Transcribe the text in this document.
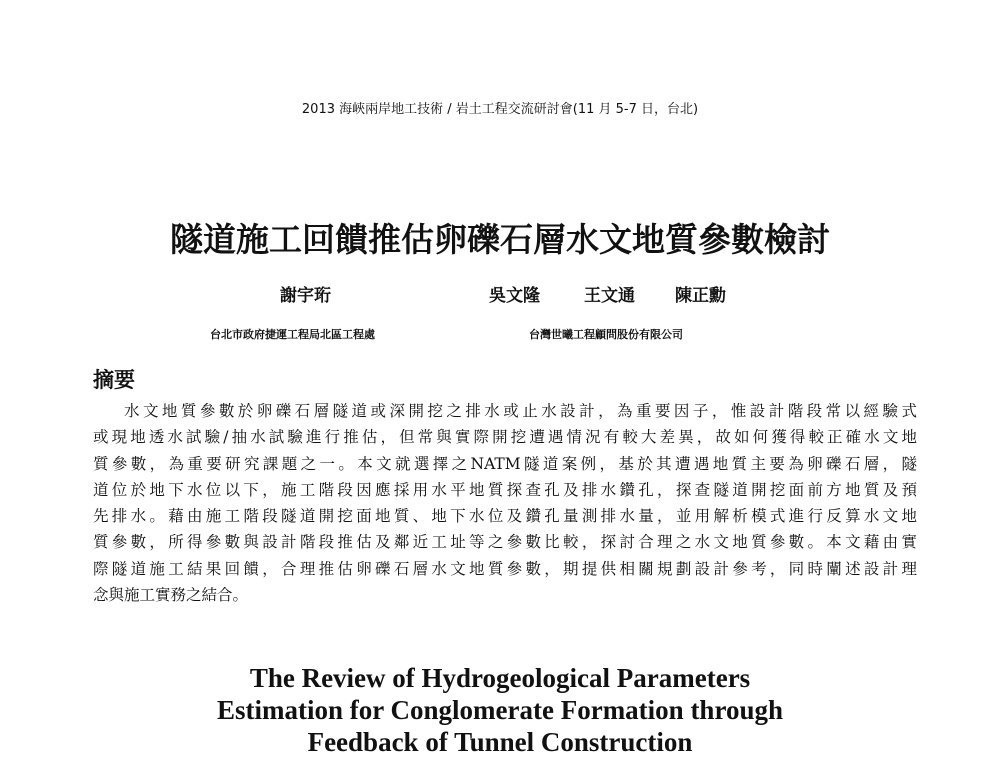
2013 海峽兩岸地工技術 / 岩土工程交流研討會(11 月 5-7 日，台北)
隧道施工回饋推估卵礫石層水文地質參數檢討
謝宇珩	吳文隆	王文通 陳正勳
台北市政府捷運工程局北區工程處	台灣世曦工程顧問股份有限公司
摘要
水文地質參數於卵礫石層隧道或深開挖之排水或止水設計，為重要因子，惟設計階段常以經驗式
或現地透水試驗/抽水試驗進行推估，但常與實際開挖遭遇情況有較大差異，故如何獲得較正確水文地
質參數，為重要研究課題之一。本文就選擇之NATM隧道案例，基於其遭遇地質主要為卵礫石層，隧
道位於地下水位以下，施工階段因應採用水平地質探查孔及排水鑽孔，探查隧道開挖面前方地質及預
先排水。藉由施工階段隧道開挖面地質、地下水位及鑽孔量測排水量，並用解析模式進行反算水文地
質參數，所得參數與設計階段推估及鄰近工址等之參數比較，探討合理之水文地質參數。本文藉由實
際隧道施工結果回饋，合理推估卵礫石層水文地質參數，期提供相關規劃設計參考，同時闡述設計理
念與施工實務之結合。
The Review of Hydrogeological Parameters
Estimation for Conglomerate Formation through
Feedback of Tunnel Construction
